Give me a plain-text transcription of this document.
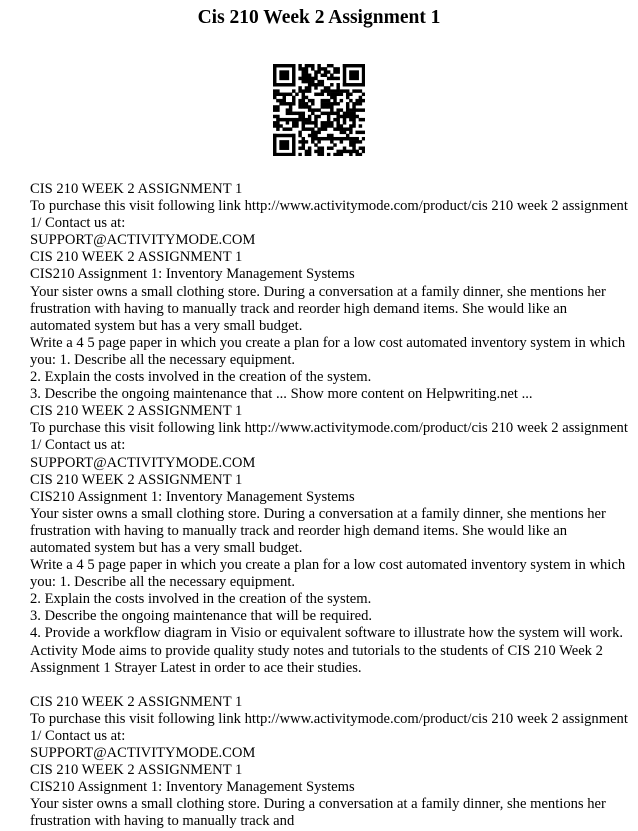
Cis 210 Week 2 Assignment 1
CIS 210 WEEK 2 ASSIGNMENT 1
To purchase this visit following link http://www.activitymode.com/product/cis 210 week 2 assignment
1/ Contact us at:
SUPPORT@ACTIVITYMODE.COM
CIS 210 WEEK 2 ASSIGNMENT 1
CIS210 Assignment 1: Inventory Management Systems
Your sister owns a small clothing store. During a conversation at a family dinner, she mentions her
frustration with having to manually track and reorder high demand items. She would like an
automated system but has a very small budget.
Write a 4 5 page paper in which you create a plan for a low cost automated inventory system in which
you: 1. Describe all the necessary equipment.
2. Explain the costs involved in the creation of the system.
3. Describe the ongoing maintenance that ... Show more content on Helpwriting.net ...
CIS 210 WEEK 2 ASSIGNMENT 1
To purchase this visit following link http://www.activitymode.com/product/cis 210 week 2 assignment
1/ Contact us at:
SUPPORT@ACTIVITYMODE.COM
CIS 210 WEEK 2 ASSIGNMENT 1
CIS210 Assignment 1: Inventory Management Systems
Your sister owns a small clothing store. During a conversation at a family dinner, she mentions her
frustration with having to manually track and reorder high demand items. She would like an
automated system but has a very small budget.
Write a 4 5 page paper in which you create a plan for a low cost automated inventory system in which
you: 1. Describe all the necessary equipment.
2. Explain the costs involved in the creation of the system.
3. Describe the ongoing maintenance that will be required.
4. Provide a workflow diagram in Visio or equivalent software to illustrate how the system will work.
Activity Mode aims to provide quality study notes and tutorials to the students of CIS 210 Week 2
Assignment 1 Strayer Latest in order to ace their studies.
CIS 210 WEEK 2 ASSIGNMENT 1
To purchase this visit following link http://www.activitymode.com/product/cis 210 week 2 assignment
1/ Contact us at:
SUPPORT@ACTIVITYMODE.COM
CIS 210 WEEK 2 ASSIGNMENT 1
CIS210 Assignment 1: Inventory Management Systems
Your sister owns a small clothing store. During a conversation at a family dinner, she mentions her
frustration with having to manually track and
